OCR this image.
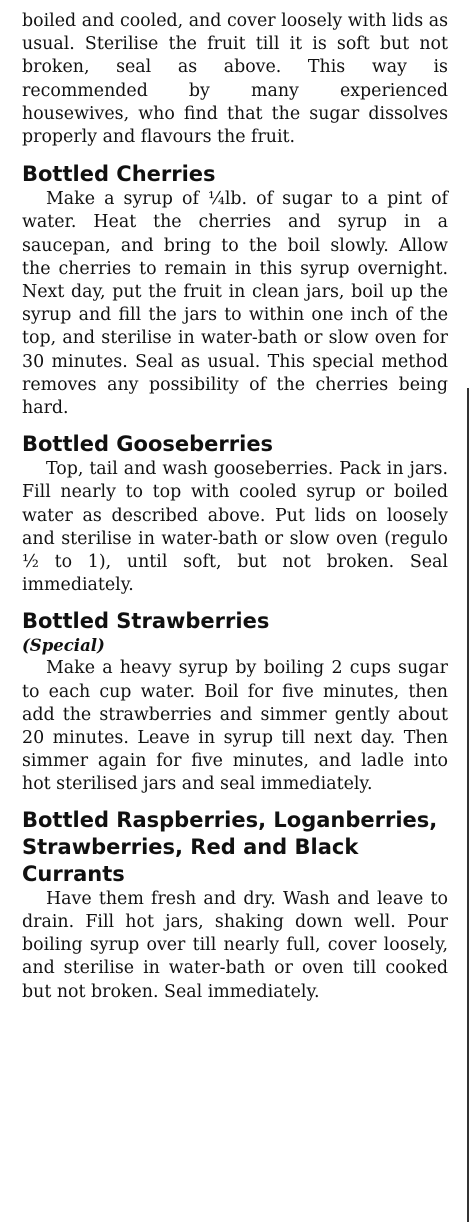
boiled and cooled, and cover loosely with lids as usual. Sterilise the fruit till it is soft but not broken, seal as above. This way is recommended by many experienced housewives, who find that the sugar dissolves properly and flavours the fruit.

Bottled Cherries

Make a syrup of ¼lb. of sugar to a pint of water. Heat the cherries and syrup in a saucepan, and bring to the boil slowly. Allow the cherries to remain in this syrup overnight. Next day, put the fruit in clean jars, boil up the syrup and fill the jars to within one inch of the top, and sterilise in water-bath or slow oven for 30 minutes. Seal as usual. This special method removes any possibility of the cherries being hard.

Bottled Gooseberries

Top, tail and wash gooseberries. Pack in jars. Fill nearly to top with cooled syrup or boiled water as described above. Put lids on loosely and sterilise in water-bath or slow oven (regulo ½ to 1), until soft, but not broken. Seal immediately.

Bottled Strawberries

(Special)

Make a heavy syrup by boiling 2 cups sugar to each cup water. Boil for five minutes, then add the strawberries and simmer gently about 20 minutes. Leave in syrup till next day. Then simmer again for five minutes, and ladle into hot sterilised jars and seal immediately.

Bottled Raspberries, Loganberries, Strawberries, Red and Black Currants

Have them fresh and dry. Wash and leave to drain. Fill hot jars, shaking down well. Pour boiling syrup over till nearly full, cover loosely, and sterilise in water-bath or oven till cooked but not broken. Seal immediately.
